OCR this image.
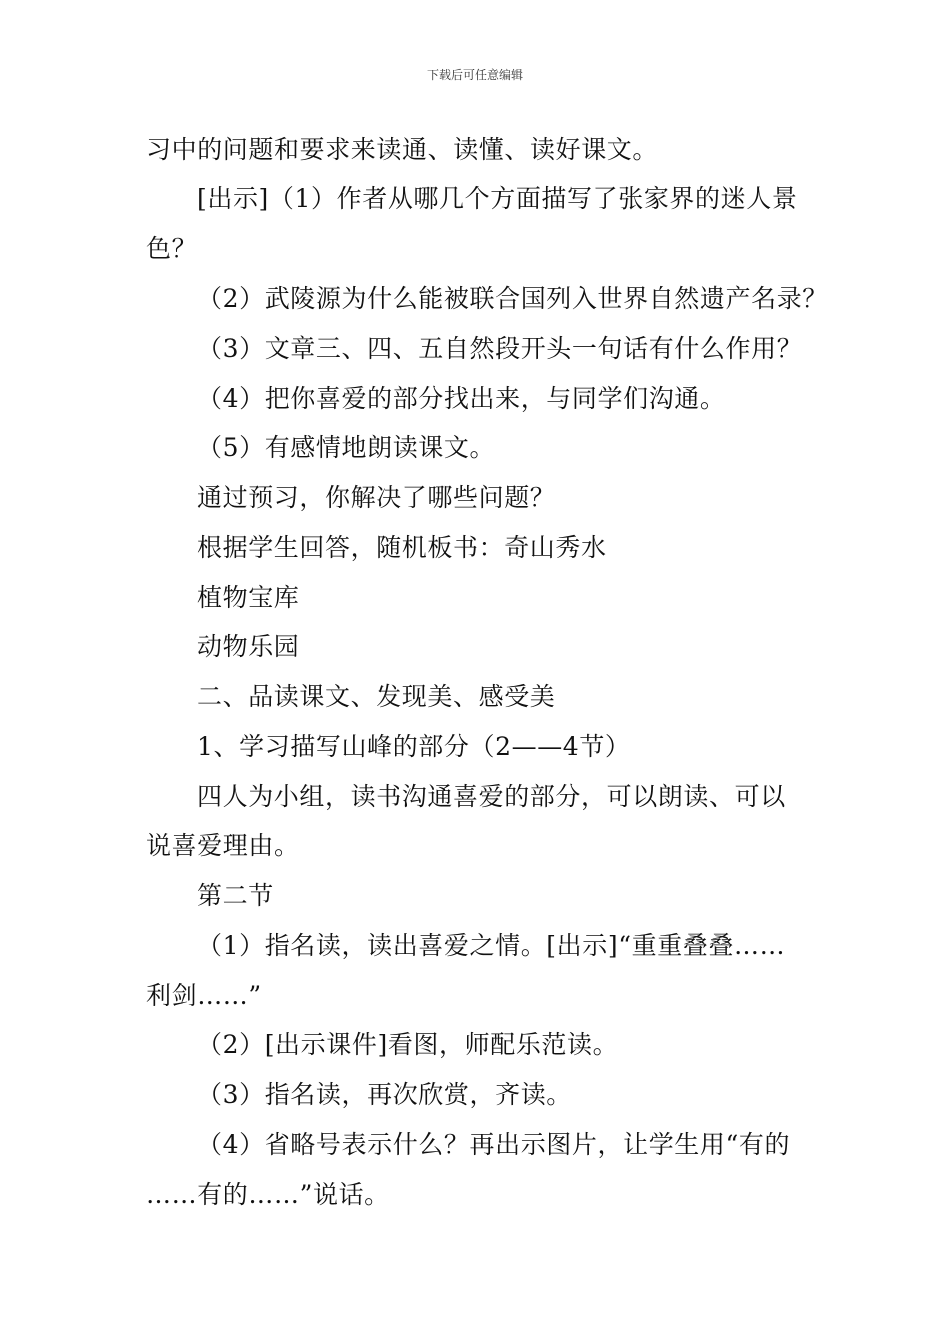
下载后可任意编辑
习中的问题和要求来读通、读懂、读好课文。
[出示]（1）作者从哪几个方面描写了张家界的迷人景
色？
（2）武陵源为什么能被联合国列入世界自然遗产名录？
（3）文章三、四、五自然段开头一句话有什么作用？
（4）把你喜爱的部分找出来，与同学们沟通。
（5）有感情地朗读课文。
通过预习，你解决了哪些问题？
根据学生回答，随机板书：奇山秀水
植物宝库
动物乐园
二、品读课文、发现美、感受美
1、学习描写山峰的部分（2——4节）
四人为小组，读书沟通喜爱的部分，可以朗读、可以
说喜爱理由。
第二节
（1）指名读，读出喜爱之情。[出示]“重重叠叠……
利剑……”
（2）[出示课件]看图，师配乐范读。
（3）指名读，再次欣赏，齐读。
（4）省略号表示什么？再出示图片，让学生用“有的
……有的……”说话。
